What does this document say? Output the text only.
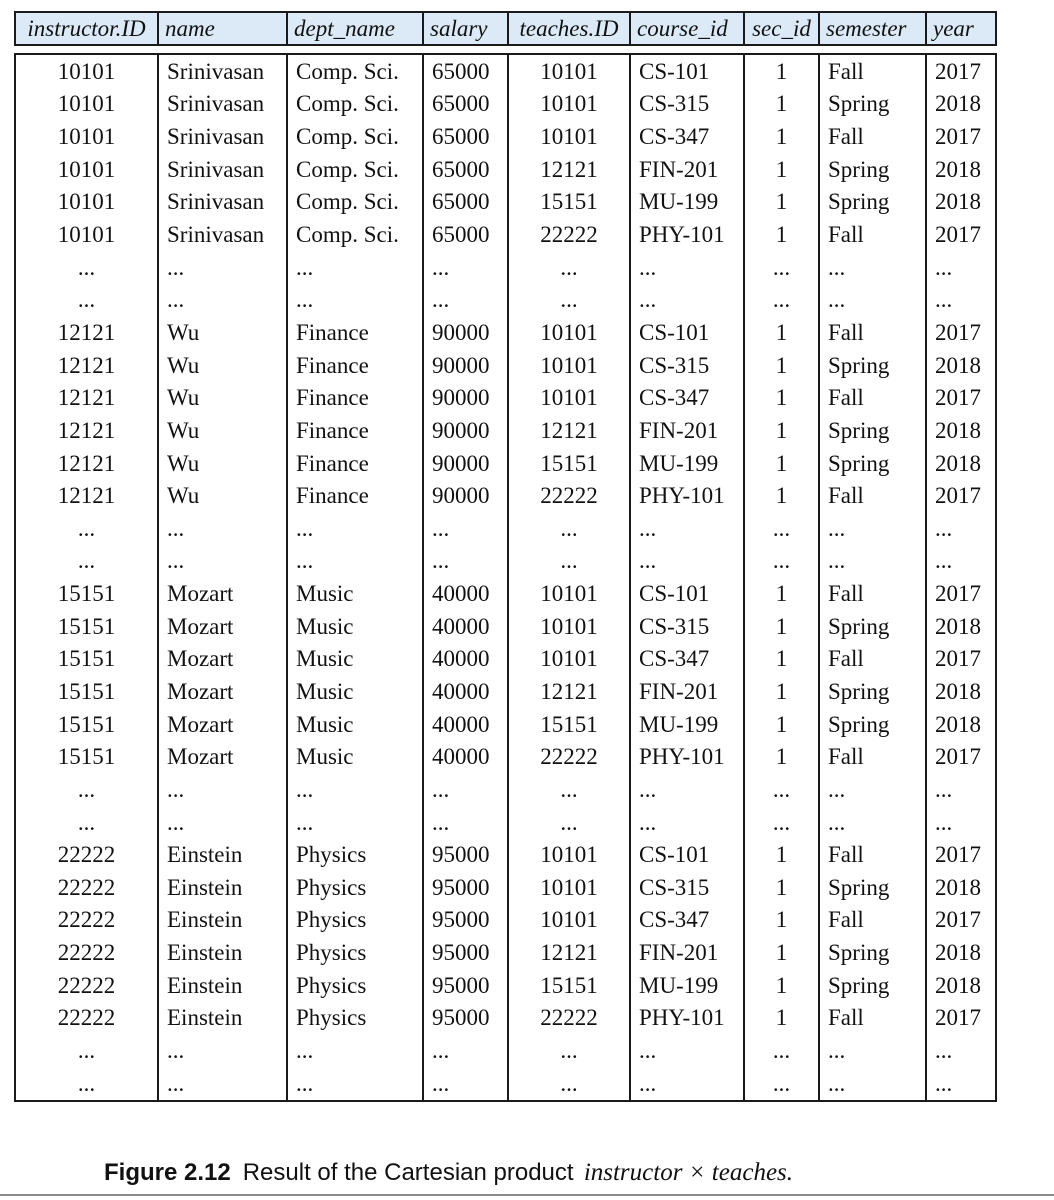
instructor.ID	name	dept_name	salary	teaches.ID	course_id	sec_id	semester	year
10101	Srinivasan	Comp. Sci.	65000	10101	CS-101	1	Fall	2017
10101	Srinivasan	Comp. Sci.	65000	10101	CS-315	1	Spring	2018
10101	Srinivasan	Comp. Sci.	65000	10101	CS-347	1	Fall	2017
10101	Srinivasan	Comp. Sci.	65000	12121	FIN-201	1	Spring	2018
10101	Srinivasan	Comp. Sci.	65000	15151	MU-199	1	Spring	2018
10101	Srinivasan	Comp. Sci.	65000	22222	PHY-101	1	Fall	2017
...	...	...	...	...	...	...	...	...
...	...	...	...	...	...	...	...	...
12121	Wu	Finance	90000	10101	CS-101	1	Fall	2017
12121	Wu	Finance	90000	10101	CS-315	1	Spring	2018
12121	Wu	Finance	90000	10101	CS-347	1	Fall	2017
12121	Wu	Finance	90000	12121	FIN-201	1	Spring	2018
12121	Wu	Finance	90000	15151	MU-199	1	Spring	2018
12121	Wu	Finance	90000	22222	PHY-101	1	Fall	2017
...	...	...	...	...	...	...	...	...
...	...	...	...	...	...	...	...	...
15151	Mozart	Music	40000	10101	CS-101	1	Fall	2017
15151	Mozart	Music	40000	10101	CS-315	1	Spring	2018
15151	Mozart	Music	40000	10101	CS-347	1	Fall	2017
15151	Mozart	Music	40000	12121	FIN-201	1	Spring	2018
15151	Mozart	Music	40000	15151	MU-199	1	Spring	2018
15151	Mozart	Music	40000	22222	PHY-101	1	Fall	2017
...	...	...	...	...	...	...	...	...
...	...	...	...	...	...	...	...	...
22222	Einstein	Physics	95000	10101	CS-101	1	Fall	2017
22222	Einstein	Physics	95000	10101	CS-315	1	Spring	2018
22222	Einstein	Physics	95000	10101	CS-347	1	Fall	2017
22222	Einstein	Physics	95000	12121	FIN-201	1	Spring	2018
22222	Einstein	Physics	95000	15151	MU-199	1	Spring	2018
22222	Einstein	Physics	95000	22222	PHY-101	1	Fall	2017
...	...	...	...	...	...	...	...	...
...	...	...	...	...	...	...	...	...
Figure 2.12 Result of the Cartesian product instructor × teaches.
